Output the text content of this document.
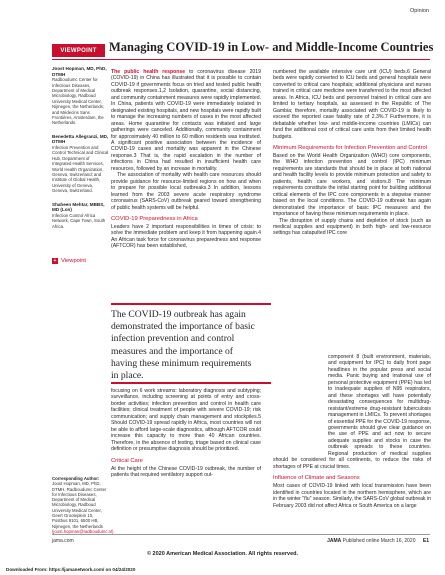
Opinion
VIEWPOINT Managing COVID-19 in Low- and Middle-Income Countries
Joost Hopman, MD, PhD, DTMH
Radboudumc Center for Infectious Diseases, Department of Medical Microbiology, Radboud University Medical Center, Nijmegen, the Netherlands; and Médecins Sans Frontières, Amsterdam, the Netherlands.
Benedetta Allegranzi, MD, DTMH
Infection Prevention and Control Technical and Clinical Hub, Department of Integrated Health Services, World Health Organization, Geneva, Switzerland; and Institute of Global Health, University of Geneva, Geneva, Switzerland.
Shaheen Mehtar, MBBS, MD (Lon)
Infection Control Africa Network, Cape Town, South Africa.
+ Viewpoint
Corresponding Author:
Joost Hopman, MD, PhD, DTMH, Radboudumc Center for Infectious Diseases, Department of Medical Microbiology, Radboud University Medical Center, Geert Grooteplein 10, Postbus 9101, 6500 HB, Nijmegen, the Netherlands
(joost.hopman@radboudumc.nl).

The public health response to coronavirus disease 2019 (COVID-19) in China has illustrated that it is possible to contain COVID-19 if governments focus on tried and tested public health outbreak responses.1,2 Isolation, quarantine, social distancing, and community containment measures were rapidly implemented. In China, patients with COVID-19 were immediately isolated in designated existing hospitals, and new hospitals were rapidly built to manage the increasing numbers of cases in the most affected areas. Home quarantine for contacts was initiated and large gatherings were canceled. Additionally, community containment for approximately 40 million to 60 million residents was instituted. A significant positive association between the incidence of COVID-19 cases and mortality was apparent in the Chinese response.3 That is, the rapid escalation in the number of infections in China had resulted in insufficient health care resources, followed by an increase in mortality.

The association of mortality with health care resources should provide guidance for resource-limited regions on how and when to prepare for possible local outbreaks.3 In addition, lessons learned from the 2003 severe acute respiratory syndrome coronavirus (SARS-CoV) outbreak geared toward strengthening of public health systems will be helpful.

COVID-19 Preparedness in Africa

Leaders have 2 important responsibilities in times of crisis: to solve the immediate problem and keep it from happening again.4 An African task force for coronavirus preparedness and response (AFTCOR) has been established,

The COVID-19 outbreak has again demonstrated the importance of basic infection prevention and control measures and the importance of having these minimum requirements in place.

focusing on 6 work streams: laboratory diagnosis and subtyping; surveillance, including screening at points of entry and cross-border activities; infection prevention and control in health care facilities; clinical treatment of people with severe COVID-19; risk communication; and supply chain management and stockpiles.5 Should COVID-19 spread rapidly in Africa, most countries will not be able to afford large-scale diagnostics, although AFTCOR could increase this capacity to more than 40 African countries. Therefore, in the absence of testing, triage based on clinical case definition or presumptive diagnosis should be prioritized.

Critical Care

At the height of the Chinese COVID-19 outbreak, the number of patients that required ventilatory support out-

numbered the available intensive care unit (ICU) beds.6 General beds were rapidly converted to ICU beds and general hospitals were converted to critical care hospitals; additional physicians and nurses trained in critical care medicine were transferred to the most affected areas. In Africa, ICU beds and personnel trained in critical care are limited to tertiary hospitals, as assessed in the Republic of The Gambia; therefore, mortality associated with COVID-19 is likely to exceed the reported case fatality rate of 2.3%.7 Furthermore, it is debatable whether low- and middle-income countries (LMICs) can fund the additional cost of critical care units from their limited health budgets.

Minimum Requirements for Infection Prevention and Control

Based on the World Health Organization (WHO) core components, the WHO infection prevention and control (IPC) minimum requirements are standards that should be in place at both national and health facility levels to provide minimum protection and safety to patients, health care workers, and visitors.8 The minimum requirements constitute the initial starting point for building additional critical elements of the IPC core components in a stepwise manner based on the local conditions. The COVID-19 outbreak has again demonstrated the importance of basic IPC measures and the importance of having these minimum requirements in place.

The disruption of supply chains and depletion of stock (such as medical supplies and equipment) in both high- and low-resource settings has catapulted IPC core

component 8 (built environment, materials, and equipment for IPC) to daily front page headlines in the popular press and social media. Panic buying and irrational use of personal protective equipment (PPE) has led to inadequate supplies of N95 respirators, and these shortages will have potentially devastating consequences for multidrug-resistant/extreme drug-resistant tuberculosis management in LMICs. To prevent shortages of essential PPE for the COVID-19 response, governments should give clear guidance on the use of PPE and act now to secure adequate supplies and stocks in case the outbreak spreads to these countries. Regional production of medical supplies should be considered for all continents, to reduce the risks of shortages of PPE at crucial times.

Influence of Climate and Seasons

Most cases of COVID-19 linked with local transmission have been identified in countries located in the northern hemisphere, which are in the winter "flu" season. Similarly, the SARS-CoV global outbreak in February 2003 did not affect Africa or South America on a large

jama.com	JAMA Published online March 16, 2020 E1
© 2020 American Medical Association. All rights reserved.
Downloaded From: https://jamanetwork.com/ on 04/24/2020
